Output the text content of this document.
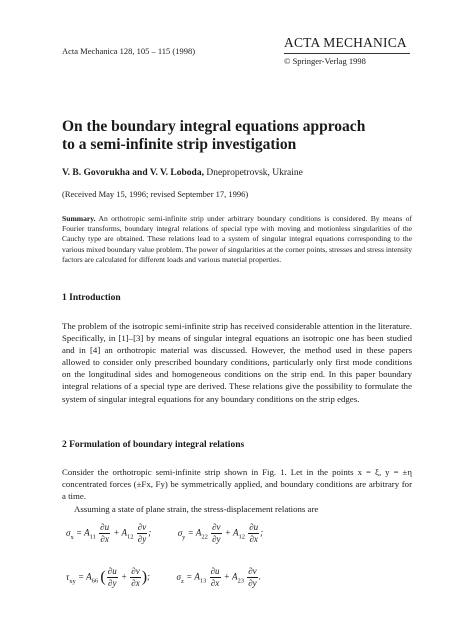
Acta Mechanica 128, 105 – 115 (1998)
ACTA MECHANICA
© Springer-Verlag 1998
On the boundary integral equations approach
to a semi-infinite strip investigation
V. B. Govorukha and V. V. Loboda, Dnepropetrovsk, Ukraine
(Received May 15, 1996; revised September 17, 1996)
Summary. An orthotropic semi-infinite strip under arbitrary boundary conditions is considered. By means of Fourier transforms, boundary integral relations of special type with moving and motionless singularities of the Cauchy type are obtained. These relations lead to a system of singular integral equations corresponding to the various mixed boundary value problem. The power of singularities at the corner points, stresses and stress intensity factors are calculated for different loads and various material properties.
1 Introduction
The problem of the isotropic semi-infinite strip has received considerable attention in the literature. Specifically, in [1]–[3] by means of singular integral equations an isotropic one has been studied and in [4] an orthotropic material was discussed. However, the method used in these papers allowed to consider only prescribed boundary conditions, particularly only first mode conditions on the longitudinal sides and homogeneous conditions on the strip end. In this paper boundary integral relations of a special type are derived. These relations give the possibility to formulate the system of singular integral equations for any boundary conditions on the strip edges.
2 Formulation of boundary integral relations
Consider the orthotropic semi-infinite strip shown in Fig. 1. Let in the points x = ξ, y = ±η concentrated forces (±Fx, Fy) be symmetrically applied, and boundary conditions are arbitrary for a time.
Assuming a state of plane strain, the stress-displacement relations are
$\sigma_x = A_{11} \frac{\partial u}{\partial x} + A_{12} \frac{\partial v}{\partial y}$ ;	$\sigma_y = A_{22} \frac{\partial v}{\partial y} + A_{12} \frac{\partial u}{\partial x}$ ;
$\tau_{xy} = A_{66}$ ( $\frac{\partial u}{\partial y} + \frac{\partial v}{\partial x}$ );	$\sigma_z = A_{13} \frac{\partial u}{\partial x} + A_{23} \frac{\partial v}{\partial y}$ .
